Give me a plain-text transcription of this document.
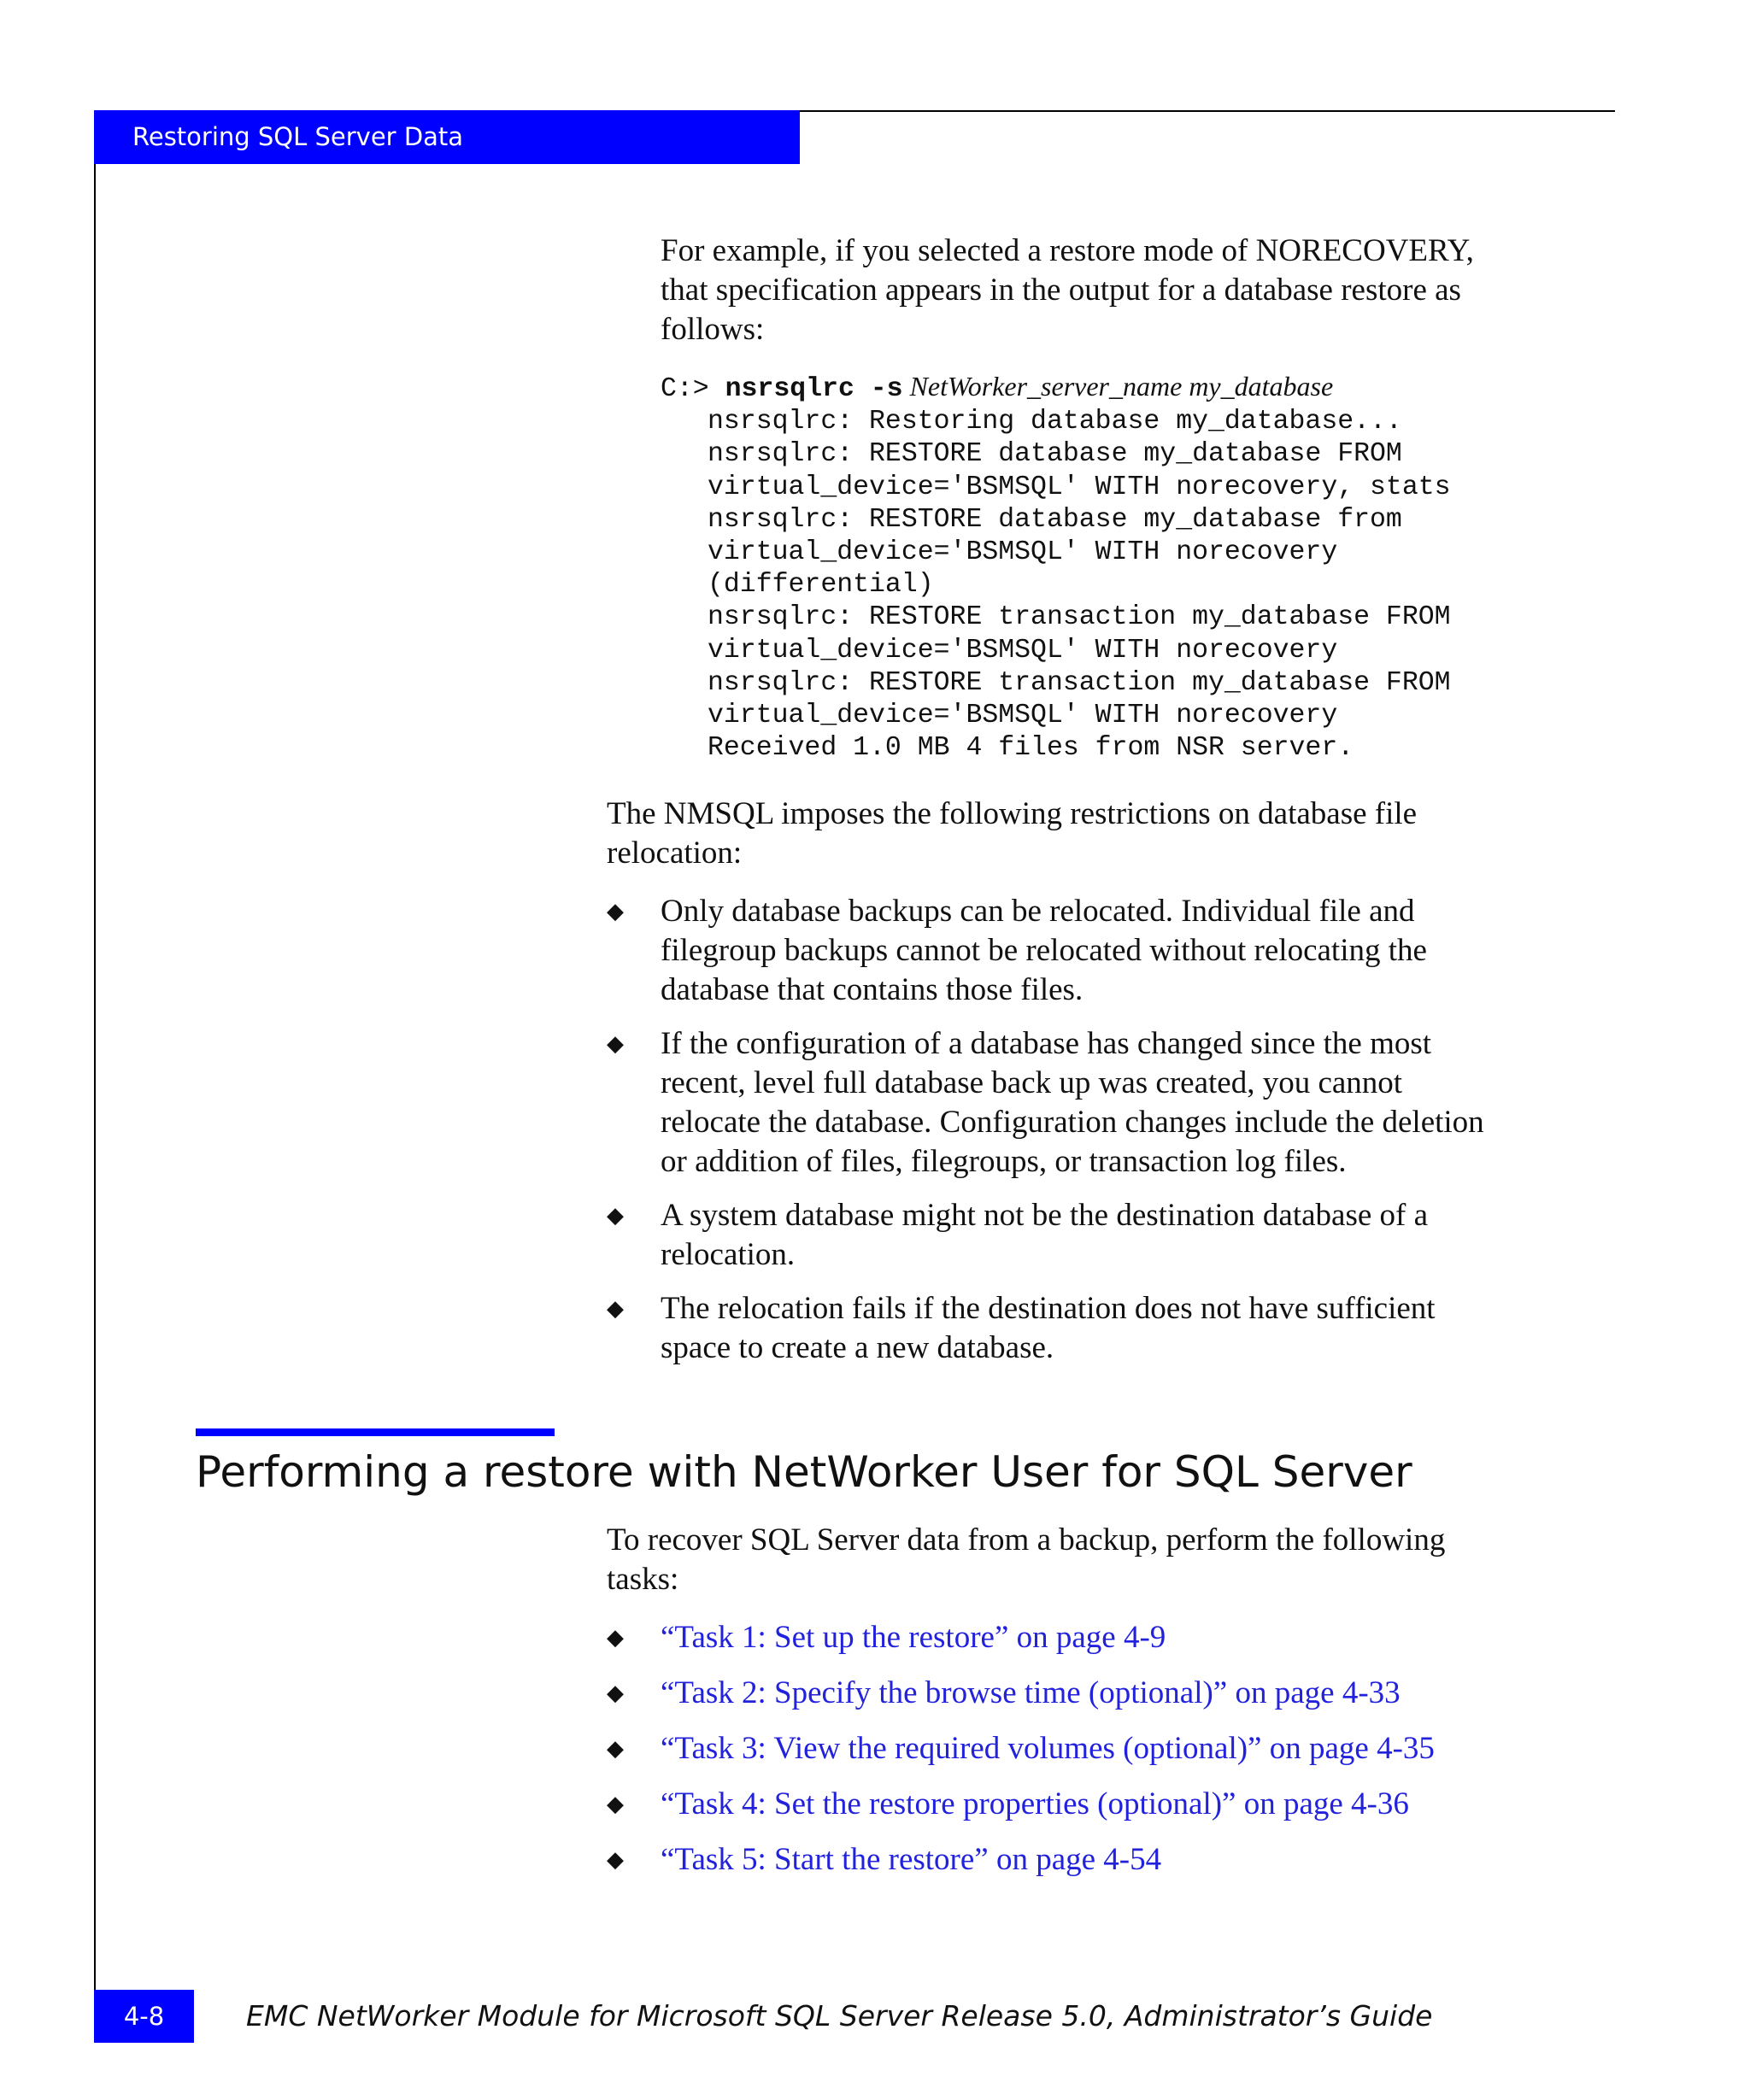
Restoring SQL Server Data

For example, if you selected a restore mode of NORECOVERY,
that specification appears in the output for a database restore as
follows:

C:> nsrsqlrc -s NetWorker_server_name my_database

nsrsqlrc: Restoring database my_database...
nsrsqlrc: RESTORE database my_database FROM
virtual_device='BSMSQL' WITH norecovery, stats
nsrsqlrc: RESTORE database my_database from
virtual_device='BSMSQL' WITH norecovery
(differential)
nsrsqlrc: RESTORE transaction my_database FROM
virtual_device='BSMSQL' WITH norecovery
nsrsqlrc: RESTORE transaction my_database FROM
virtual_device='BSMSQL' WITH norecovery
Received 1.0 MB 4 files from NSR server.

The NMSQL imposes the following restrictions on database file
relocation:

◆ Only database backups can be relocated. Individual file and
filegroup backups cannot be relocated without relocating the
database that contains those files.
◆ If the configuration of a database has changed since the most
recent, level full database back up was created, you cannot
relocate the database. Configuration changes include the deletion
or addition of files, filegroups, or transaction log files.
◆ A system database might not be the destination database of a
relocation.
◆ The relocation fails if the destination does not have sufficient
space to create a new database.
Performing a restore with NetWorker User for SQL Server

To recover SQL Server data from a backup, perform the following
tasks:

◆ “Task 1: Set up the restore” on page 4-9
◆ “Task 2: Specify the browse time (optional)” on page 4-33
◆ “Task 3: View the required volumes (optional)” on page 4-35
◆ “Task 4: Set the restore properties (optional)” on page 4-36
◆ “Task 5: Start the restore” on page 4-54
4-8	EMC NetWorker Module for Microsoft SQL Server Release 5.0, Administrator’s Guide
